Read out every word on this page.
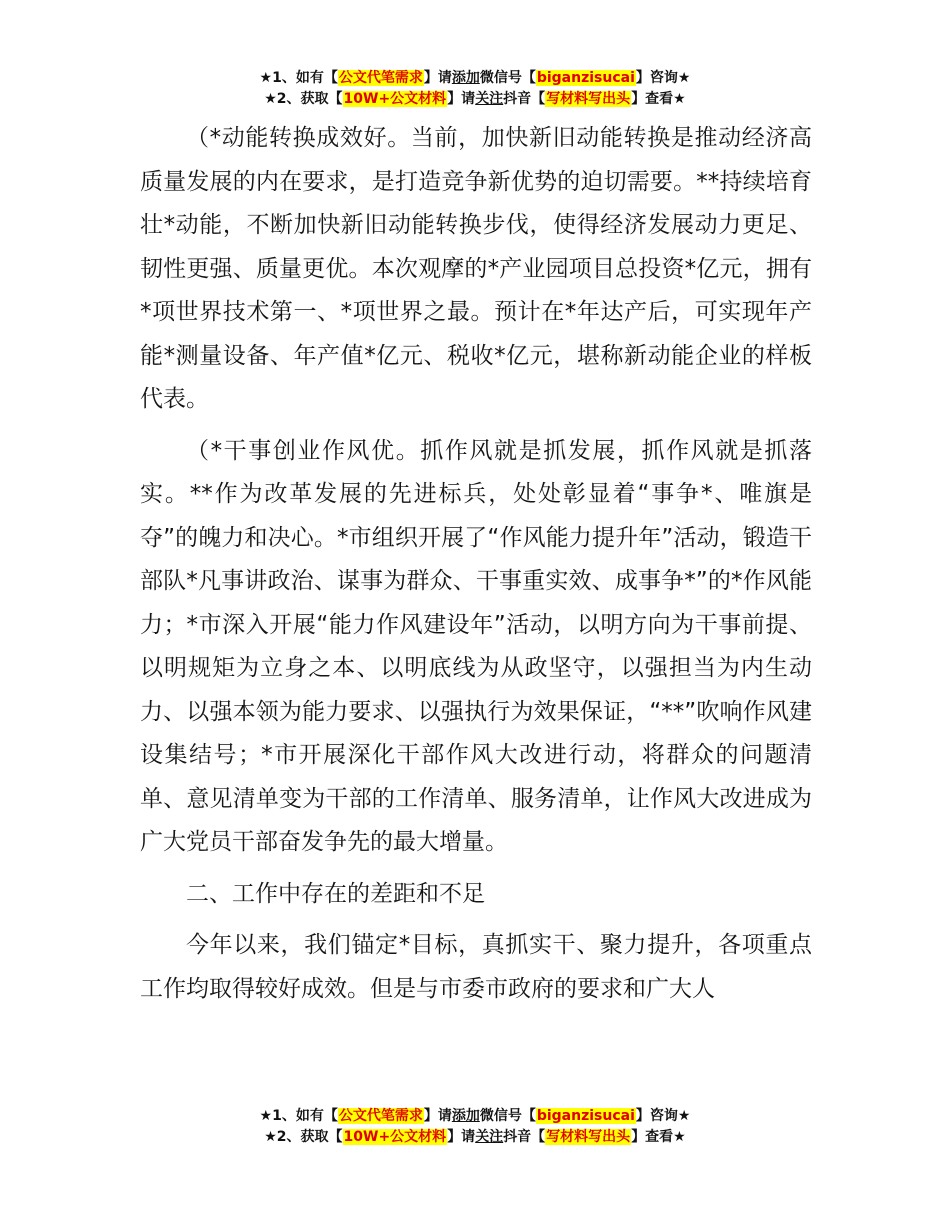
★1、如有【公文代笔需求】请添加微信号【biganzisucai】咨询★
★2、获取【10W+公文材料】请关注抖音【写材料写出头】查看★

（*动能转换成效好。当前，加快新旧动能转换是推动经济高质量发展的内在要求，是打造竞争新优势的迫切需要。**持续培育壮*动能，不断加快新旧动能转换步伐，使得经济发展动力更足、韧性更强、质量更优。本次观摩的*产业园项目总投资*亿元，拥有*项世界技术第一、*项世界之最。预计在*年达产后，可实现年产能*测量设备、年产值*亿元、税收*亿元，堪称新动能企业的样板代表。

（*干事创业作风优。抓作风就是抓发展，抓作风就是抓落实。**作为改革发展的先进标兵，处处彰显着“事争*、唯旗是夺”的魄力和决心。*市组织开展了“作风能力提升年”活动，锻造干部队*凡事讲政治、谋事为群众、干事重实效、成事争*”的*作风能力；*市深入开展“能力作风建设年”活动，以明方向为干事前提、以明规矩为立身之本、以明底线为从政坚守，以强担当为内生动力、以强本领为能力要求、以强执行为效果保证，“**”吹响作风建设集结号；*市开展深化干部作风大改进行动，将群众的问题清单、意见清单变为干部的工作清单、服务清单，让作风大改进成为广大党员干部奋发争先的最大增量。

二、工作中存在的差距和不足

今年以来，我们锚定*目标，真抓实干、聚力提升，各项重点工作均取得较好成效。但是与市委市政府的要求和广大人

★1、如有【公文代笔需求】请添加微信号【biganzisucai】咨询★
★2、获取【10W+公文材料】请关注抖音【写材料写出头】查看★
